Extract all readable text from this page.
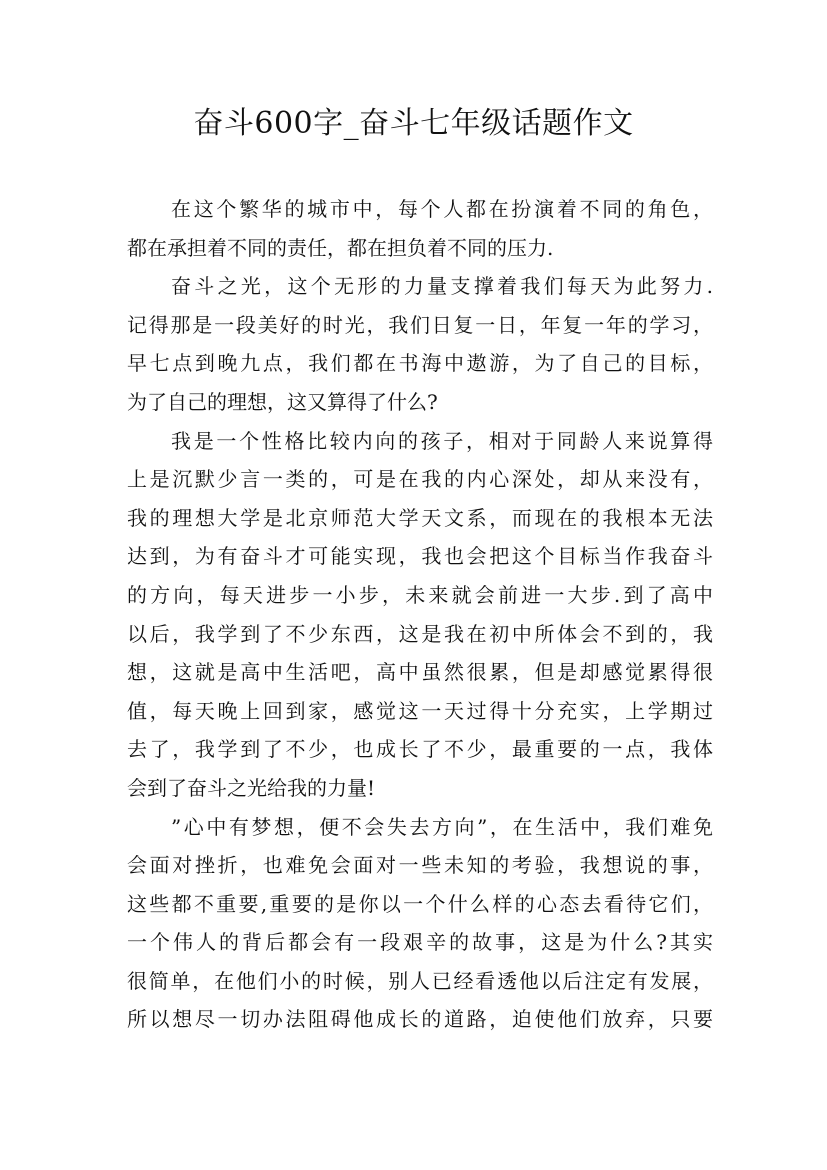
奋斗600字_奋斗七年级话题作文
在这个繁华的城市中，每个人都在扮演着不同的角色，
都在承担着不同的责任，都在担负着不同的压力.
奋斗之光，这个无形的力量支撑着我们每天为此努力.
记得那是一段美好的时光，我们日复一日，年复一年的学习，
早七点到晚九点，我们都在书海中遨游，为了自己的目标，
为了自己的理想，这又算得了什么?
我是一个性格比较内向的孩子，相对于同龄人来说算得
上是沉默少言一类的，可是在我的内心深处，却从来没有，
我的理想大学是北京师范大学天文系，而现在的我根本无法
达到，为有奋斗才可能实现，我也会把这个目标当作我奋斗
的方向，每天进步一小步，未来就会前进一大步.到了高中
以后，我学到了不少东西，这是我在初中所体会不到的，我
想，这就是高中生活吧，高中虽然很累，但是却感觉累得很
值，每天晚上回到家，感觉这一天过得十分充实，上学期过
去了，我学到了不少，也成长了不少，最重要的一点，我体
会到了奋斗之光给我的力量!
”心中有梦想，便不会失去方向”，在生活中，我们难免
会面对挫折，也难免会面对一些未知的考验，我想说的事，
这些都不重要,重要的是你以一个什么样的心态去看待它们，
一个伟人的背后都会有一段艰辛的故事，这是为什么?其实
很简单，在他们小的时候，别人已经看透他以后注定有发展，
所以想尽一切办法阻碍他成长的道路，迫使他们放弃，只要
